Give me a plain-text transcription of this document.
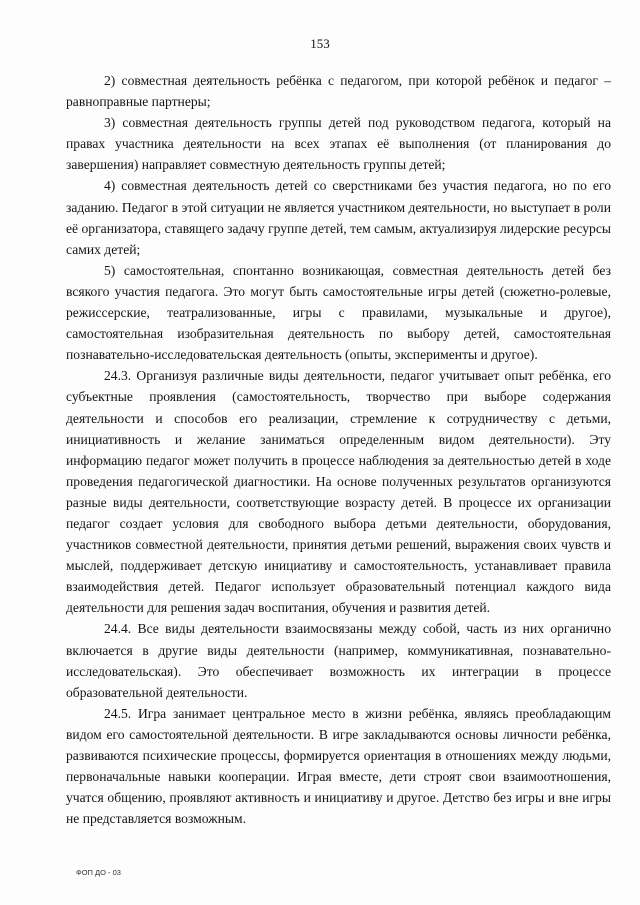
153

2) совместная деятельность ребёнка с педагогом, при которой ребёнок и педагог – равноправные партнеры;

3) совместная деятельность группы детей под руководством педагога, который на правах участника деятельности на всех этапах её выполнения (от планирования до завершения) направляет совместную деятельность группы детей;

4) совместная деятельность детей со сверстниками без участия педагога, но по его заданию. Педагог в этой ситуации не является участником деятельности, но выступает в роли её организатора, ставящего задачу группе детей, тем самым, актуализируя лидерские ресурсы самих детей;

5) самостоятельная, спонтанно возникающая, совместная деятельность детей без всякого участия педагога. Это могут быть самостоятельные игры детей (сюжетно-ролевые, режиссерские, театрализованные, игры с правилами, музыкальные и другое), самостоятельная изобразительная деятельность по выбору детей, самостоятельная познавательно-исследовательская деятельность (опыты, эксперименты и другое).

24.3. Организуя различные виды деятельности, педагог учитывает опыт ребёнка, его субъектные проявления (самостоятельность, творчество при выборе содержания деятельности и способов его реализации, стремление к сотрудничеству с детьми, инициативность и желание заниматься определенным видом деятельности). Эту информацию педагог может получить в процессе наблюдения за деятельностью детей в ходе проведения педагогической диагностики. На основе полученных результатов организуются разные виды деятельности, соответствующие возрасту детей. В процессе их организации педагог создает условия для свободного выбора детьми деятельности, оборудования, участников совместной деятельности, принятия детьми решений, выражения своих чувств и мыслей, поддерживает детскую инициативу и самостоятельность, устанавливает правила взаимодействия детей. Педагог использует образовательный потенциал каждого вида деятельности для решения задач воспитания, обучения и развития детей.

24.4. Все виды деятельности взаимосвязаны между собой, часть из них органично включается в другие виды деятельности (например, коммуникативная, познавательно-исследовательская). Это обеспечивает возможность их интеграции в процессе образовательной деятельности.

24.5. Игра занимает центральное место в жизни ребёнка, являясь преобладающим видом его самостоятельной деятельности. В игре закладываются основы личности ребёнка, развиваются психические процессы, формируется ориентация в отношениях между людьми, первоначальные навыки кооперации. Играя вместе, дети строят свои взаимоотношения, учатся общению, проявляют активность и инициативу и другое. Детство без игры и вне игры не представляется возможным.

ФОП ДО - 03
